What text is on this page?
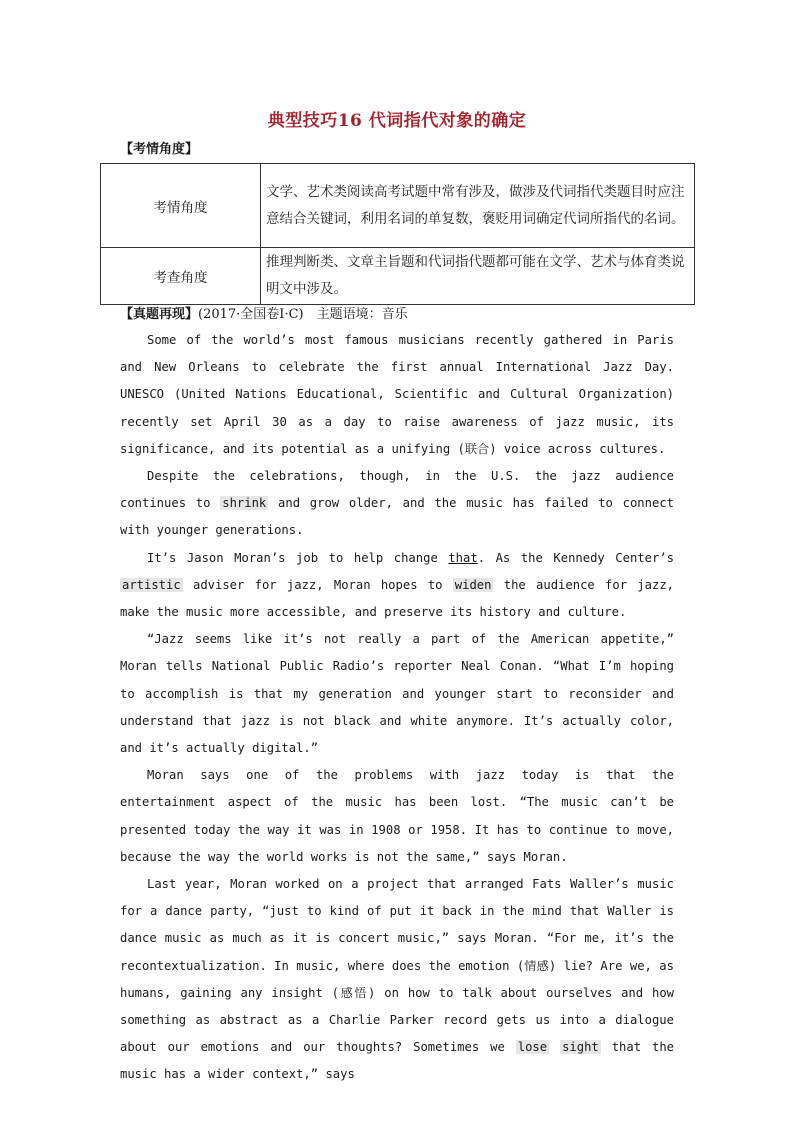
典型技巧16 代词指代对象的确定
【考情角度】
考情角度	文学、艺术类阅读高考试题中常有涉及，做涉及代词指代类题目时应注意结合关键词，利用名词的单复数，褒贬用词确定代词所指代的名词。
考查角度	推理判断类、文章主旨题和代词指代题都可能在文学、艺术与体育类说明文中涉及。
【真题再现】(2017·全国卷Ⅰ·C)　主题语境：音乐

Some of the world’s most famous musicians recently gathered in Paris and New Orleans to celebrate the first annual International Jazz Day. UNESCO (United Nations Educational, Scientific and Cultural Organization) recently set April 30 as a day to raise awareness of jazz music, its significance, and its potential as a unifying (联合) voice across cultures.

Despite the celebrations, though, in the U.S. the jazz audience continues to shrink and grow older, and the music has failed to connect with younger generations.

It’s Jason Moran’s job to help change that. As the Kennedy Center’s artistic adviser for jazz, Moran hopes to widen the audience for jazz, make the music more accessible, and preserve its history and culture.

“Jazz seems like it’s not really a part of the American appetite,” Moran tells National Public Radio’s reporter Neal Conan. “What I’m hoping to accomplish is that my generation and younger start to reconsider and understand that jazz is not black and white anymore. It’s actually color, and it’s actually digital.”

Moran says one of the problems with jazz today is that the entertainment aspect of the music has been lost. “The music can’t be presented today the way it was in 1908 or 1958. It has to continue to move, because the way the world works is not the same,” says Moran.

Last year, Moran worked on a project that arranged Fats Waller’s music for a dance party, “just to kind of put it back in the mind that Waller is dance music as much as it is concert music,” says Moran. “For me, it’s the recontextualization. In music, where does the emotion (情感) lie? Are we, as humans, gaining any insight (感悟) on how to talk about ourselves and how something as abstract as a Charlie Parker record gets us into a dialogue about our emotions and our thoughts? Sometimes we lose sight that the music has a wider context,” says
